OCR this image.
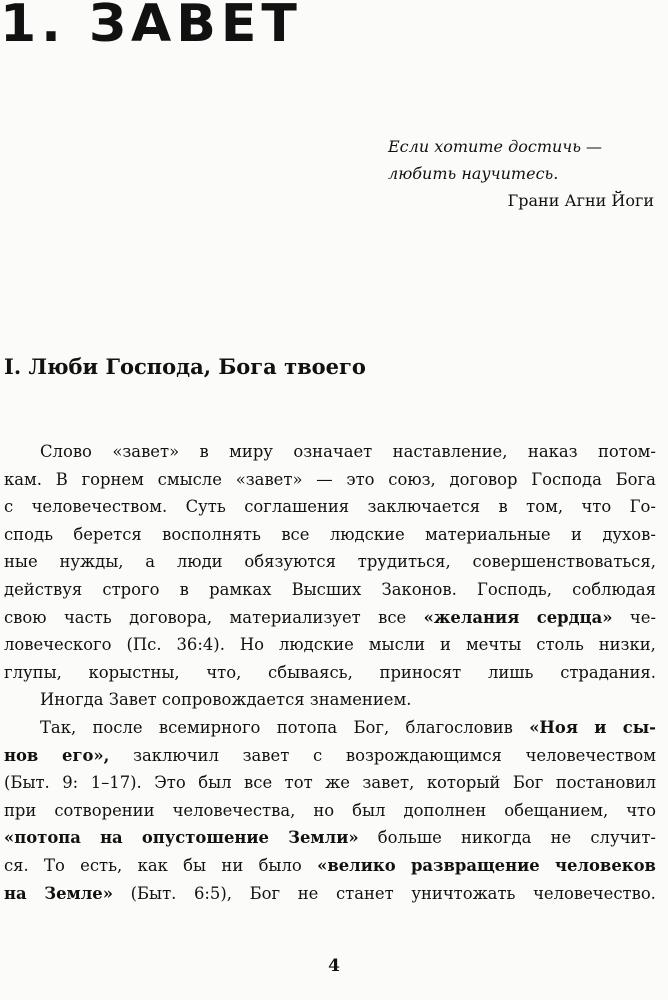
1. ЗАВЕТ
Если хотите достичь —
любить научитесь.
Грани Агни Йоги
I. Люби Господа, Бога твоего
Слово «завет» в миру означает наставление, наказ потом-
кам. В горнем смысле «завет» — это союз, договор Господа Бога
с человечеством. Суть соглашения заключается в том, что Го-
сподь берется восполнять все людские материальные и духов-
ные нужды, а люди обязуются трудиться, совершенствоваться,
действуя строго в рамках Высших Законов. Господь, соблюдая
свою часть договора, материализует все «желания сердца» че-
ловеческого (Пс. 36:4). Но людские мысли и мечты столь низки,
глупы, корыстны, что, сбываясь, приносят лишь страдания.
Иногда Завет сопровождается знамением.
Так, после всемирного потопа Бог, благословив «Ноя и сы-
нов его», заключил завет с возрождающимся человечеством
(Быт. 9: 1–17). Это был все тот же завет, который Бог постановил
при сотворении человечества, но был дополнен обещанием, что
«потопа на опустошение Земли» больше никогда не случит-
ся. То есть, как бы ни было «велико развращение человеков
на Земле» (Быт. 6:5), Бог не станет уничтожать человечество.
4
